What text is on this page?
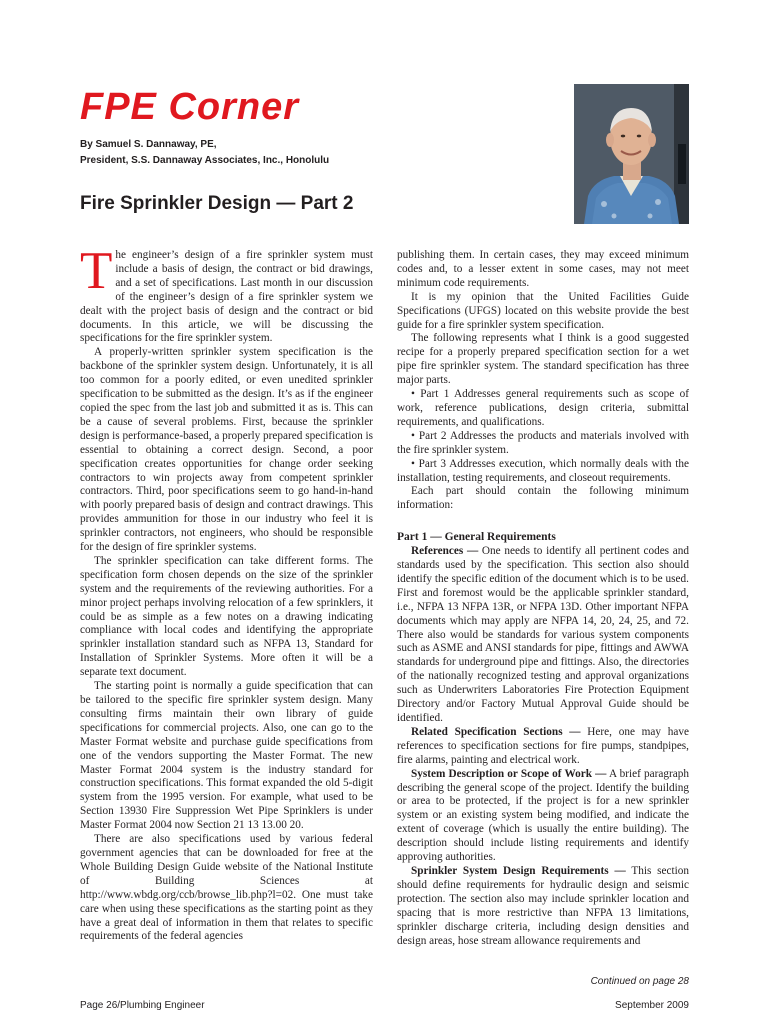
FPE Corner
By Samuel S. Dannaway, PE,
President, S.S. Dannaway Associates, Inc., Honolulu
Fire Sprinkler Design — Part 2

The engineer’s design of a fire sprinkler system must include a basis of design, the contract or bid drawings, and a set of specifications. Last month in our discussion of the engineer’s design of a fire sprinkler system we dealt with the project basis of design and the contract or bid documents. In this article, we will be discussing the specifications for the fire sprinkler system.

A properly-written sprinkler system specification is the backbone of the sprinkler system design. Unfortunately, it is all too common for a poorly edited, or even unedited sprinkler specification to be submitted as the design. It’s as if the engineer copied the spec from the last job and submitted it as is. This can be a cause of several problems. First, because the sprinkler design is performance-based, a properly prepared specification is essential to obtaining a correct design. Second, a poor specification creates opportunities for change order seeking contractors to win projects away from competent sprinkler contractors. Third, poor specifications seem to go hand-in-hand with poorly prepared basis of design and contract drawings. This provides ammunition for those in our industry who feel it is sprinkler contractors, not engineers, who should be responsible for the design of fire sprinkler systems.

The sprinkler specification can take different forms. The specification form chosen depends on the size of the sprinkler system and the requirements of the reviewing authorities. For a minor project perhaps involving relocation of a few sprinklers, it could be as simple as a few notes on a drawing indicating compliance with local codes and identifying the appropriate sprinkler installation standard such as NFPA 13, Standard for Installation of Sprinkler Systems. More often it will be a separate text document.

The starting point is normally a guide specification that can be tailored to the specific fire sprinkler system design. Many consulting firms maintain their own library of guide specifications for commercial projects. Also, one can go to the Master Format website and purchase guide specifications from one of the vendors supporting the Master Format. The new Master Format 2004 system is the industry standard for construction specifications. This format expanded the old 5-digit system from the 1995 version. For example, what used to be Section 13930 Fire Suppression Wet Pipe Sprinklers is under Master Format 2004 now Section 21 13 13.00 20.

There are also specifications used by various federal government agencies that can be downloaded for free at the Whole Building Design Guide website of the National Institute of Building Sciences at http://www.wbdg.org/ccb/browse_lib.php?l=02. One must take care when using these specifications as the starting point as they have a great deal of information in them that relates to specific requirements of the federal agencies

publishing them. In certain cases, they may exceed minimum codes and, to a lesser extent in some cases, may not meet minimum code requirements.

It is my opinion that the United Facilities Guide Specifications (UFGS) located on this website provide the best guide for a fire sprinkler system specification.

The following represents what I think is a good suggested recipe for a properly prepared specification section for a wet pipe fire sprinkler system. The standard specification has three major parts.

• Part 1 Addresses general requirements such as scope of work, reference publications, design criteria, submittal requirements, and qualifications.

• Part 2 Addresses the products and materials involved with the fire sprinkler system.

• Part 3 Addresses execution, which normally deals with the installation, testing requirements, and closeout requirements.

Each part should contain the following minimum information:

Part 1 — General Requirements

References — One needs to identify all pertinent codes and standards used by the specification. This section also should identify the specific edition of the document which is to be used. First and foremost would be the applicable sprinkler standard, i.e., NFPA 13 NFPA 13R, or NFPA 13D. Other important NFPA documents which may apply are NFPA 14, 20, 24, 25, and 72. There also would be standards for various system components such as ASME and ANSI standards for pipe, fittings and AWWA standards for underground pipe and fittings. Also, the directories of the nationally recognized testing and approval organizations such as Underwriters Laboratories Fire Protection Equipment Directory and/or Factory Mutual Approval Guide should be identified.

Related Specification Sections — Here, one may have references to specification sections for fire pumps, standpipes, fire alarms, painting and electrical work.

System Description or Scope of Work — A brief paragraph describing the general scope of the project. Identify the building or area to be protected, if the project is for a new sprinkler system or an existing system being modified, and indicate the extent of coverage (which is usually the entire building). The description should include listing requirements and identify approving authorities.

Sprinkler System Design Requirements — This section should define requirements for hydraulic design and seismic protection. The section also may include sprinkler location and spacing that is more restrictive than NFPA 13 limitations, sprinkler discharge criteria, including design densities and design areas, hose stream allowance requirements and

Continued on page 28
Page 26/Plumbing Engineer	September 2009
